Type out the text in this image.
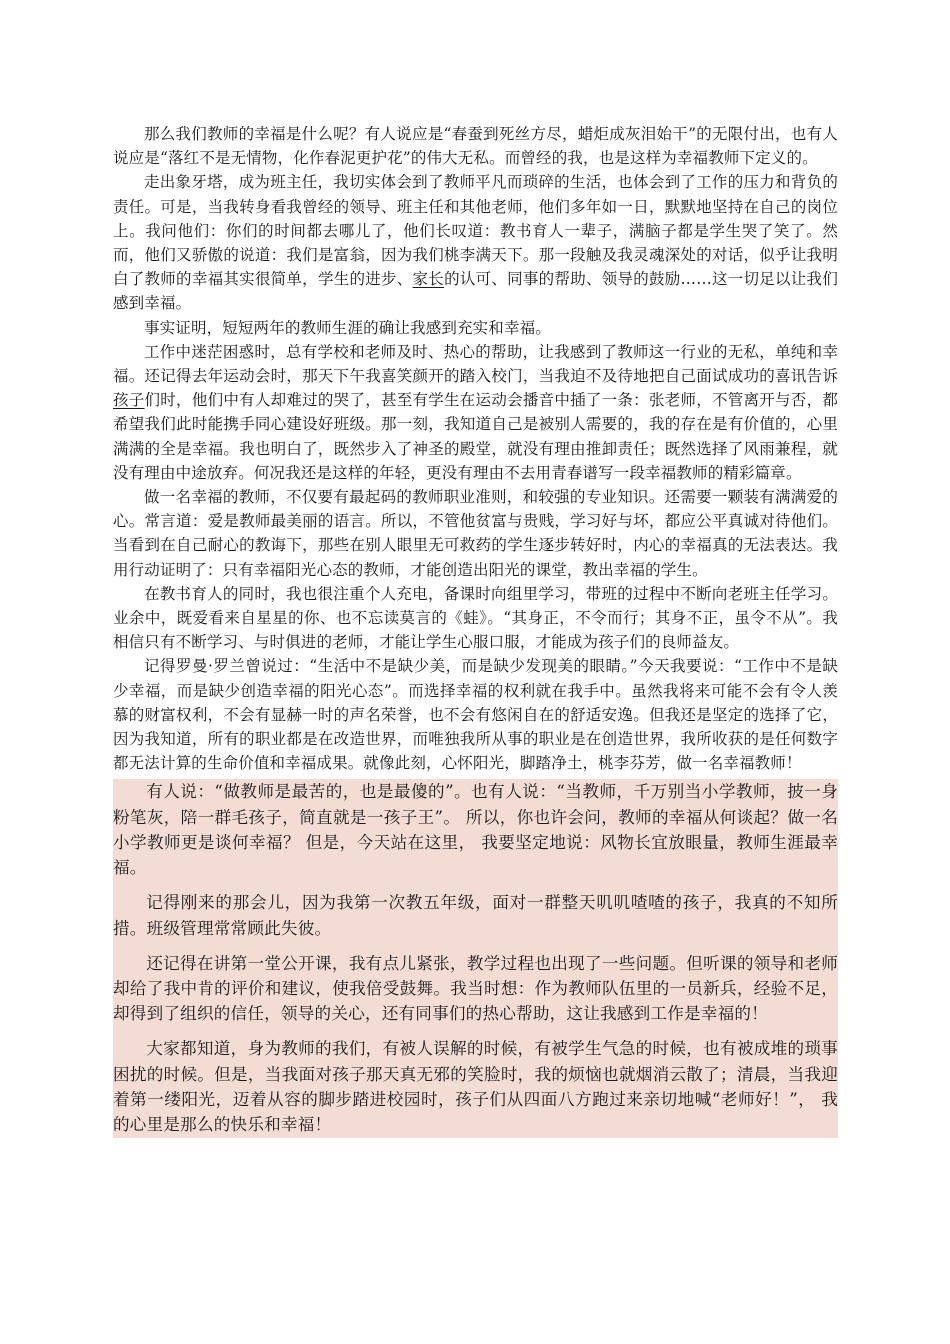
那么我们教师的幸福是什么呢？有人说应是“春蚕到死丝方尽，蜡炬成灰泪始干”的无限付出，也有人说应是“落红不是无情物，化作春泥更护花”的伟大无私。而曾经的我，也是这样为幸福教师下定义的。

走出象牙塔，成为班主任，我切实体会到了教师平凡而琐碎的生活，也体会到了工作的压力和背负的责任。可是，当我转身看我曾经的领导、班主任和其他老师，他们多年如一日，默默地坚持在自己的岗位上。我问他们：你们的时间都去哪儿了，他们长叹道：教书育人一辈子，满脑子都是学生哭了笑了。然而，他们又骄傲的说道：我们是富翁，因为我们桃李满天下。那一段触及我灵魂深处的对话，似乎让我明白了教师的幸福其实很简单，学生的进步、家长的认可、同事的帮助、领导的鼓励……这一切足以让我们感到幸福。

事实证明，短短两年的教师生涯的确让我感到充实和幸福。

工作中迷茫困惑时，总有学校和老师及时、热心的帮助，让我感到了教师这一行业的无私，单纯和幸福。还记得去年运动会时，那天下午我喜笑颜开的踏入校门，当我迫不及待地把自己面试成功的喜讯告诉孩子们时，他们中有人却难过的哭了，甚至有学生在运动会播音中插了一条：张老师，不管离开与否，都希望我们此时能携手同心建设好班级。那一刻，我知道自己是被别人需要的，我的存在是有价值的，心里满满的全是幸福。我也明白了，既然步入了神圣的殿堂，就没有理由推卸责任；既然选择了风雨兼程，就没有理由中途放弃。何况我还是这样的年轻，更没有理由不去用青春谱写一段幸福教师的精彩篇章。

做一名幸福的教师，不仅要有最起码的教师职业准则，和较强的专业知识。还需要一颗装有满满爱的心。常言道：爱是教师最美丽的语言。所以，不管他贫富与贵贱，学习好与坏，都应公平真诚对待他们。当看到在自己耐心的教诲下，那些在别人眼里无可救药的学生逐步转好时，内心的幸福真的无法表达。我用行动证明了：只有幸福阳光心态的教师，才能创造出阳光的课堂，教出幸福的学生。

在教书育人的同时，我也很注重个人充电，备课时向组里学习，带班的过程中不断向老班主任学习。业余中，既爱看来自星星的你、也不忘读莫言的《蛙》。“其身正，不令而行；其身不正，虽令不从”。我相信只有不断学习、与时俱进的老师，才能让学生心服口服，才能成为孩子们的良师益友。

记得罗曼·罗兰曾说过：“生活中不是缺少美，而是缺少发现美的眼睛。”今天我要说：“工作中不是缺少幸福，而是缺少创造幸福的阳光心态”。而选择幸福的权利就在我手中。虽然我将来可能不会有令人羡慕的财富权利，不会有显赫一时的声名荣誉，也不会有悠闲自在的舒适安逸。但我还是坚定的选择了它，因为我知道，所有的职业都是在改造世界，而唯独我所从事的职业是在创造世界，我所收获的是任何数字都无法计算的生命价值和幸福成果。就像此刻，心怀阳光，脚踏净土，桃李芬芳，做一名幸福教师！

有人说：“做教师是最苦的，也是最傻的”。也有人说：“当教师，千万别当小学教师，披一身粉笔灰，陪一群毛孩子，简直就是一孩子王”。 所以，你也许会问，教师的幸福从何谈起？做一名小学教师更是谈何幸福？ 但是，今天站在这里， 我要坚定地说：风物长宜放眼量，教师生涯最幸福。

记得刚来的那会儿，因为我第一次教五年级，面对一群整天叽叽喳喳的孩子，我真的不知所措。班级管理常常顾此失彼。

还记得在讲第一堂公开课，我有点儿紧张，教学过程也出现了一些问题。但听课的领导和老师却给了我中肯的评价和建议，使我倍受鼓舞。我当时想：作为教师队伍里的一员新兵，经验不足，却得到了组织的信任，领导的关心，还有同事们的热心帮助，这让我感到工作是幸福的！

大家都知道，身为教师的我们，有被人误解的时候，有被学生气急的时候，也有被成堆的琐事困扰的时候。但是，当我面对孩子那天真无邪的笑脸时，我的烦恼也就烟消云散了；清晨，当我迎着第一缕阳光，迈着从容的脚步踏进校园时，孩子们从四面八方跑过来亲切地喊“老师好！”， 我的心里是那么的快乐和幸福！
